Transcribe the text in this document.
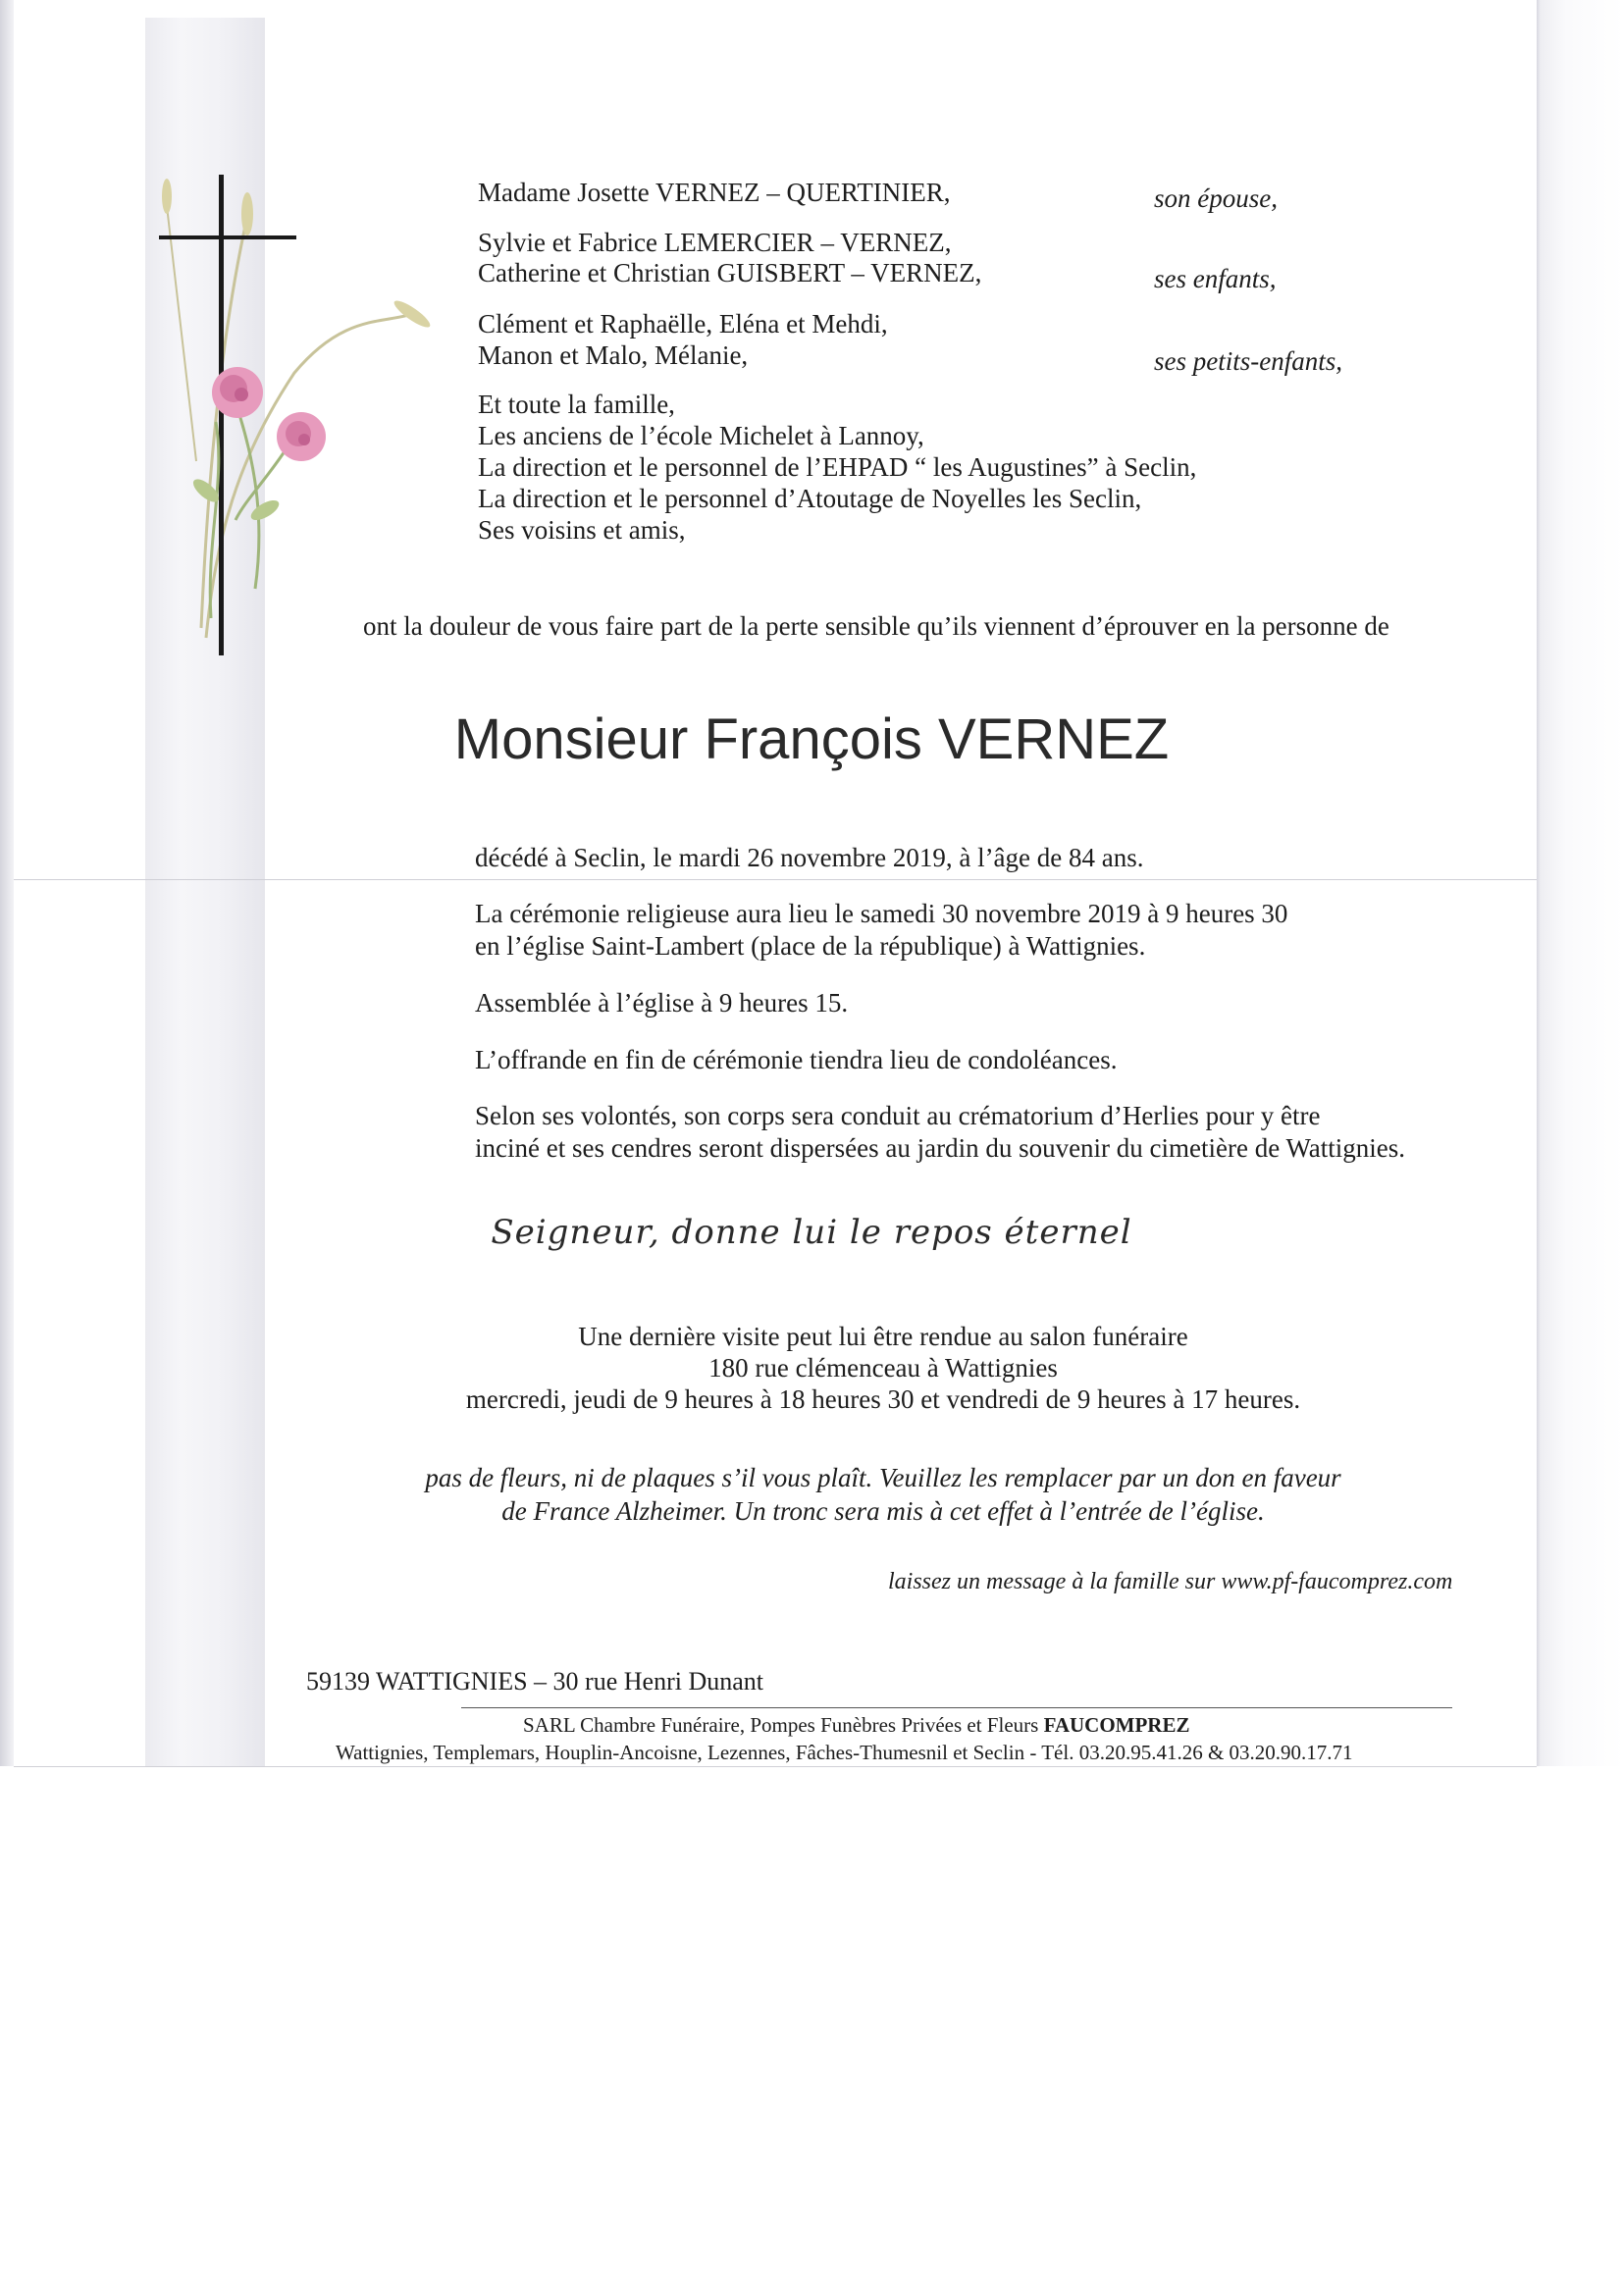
Madame Josette VERNEZ – QUERTINIER,	son épouse,
Sylvie et Fabrice LEMERCIER – VERNEZ,
Catherine et Christian GUISBERT – VERNEZ,	ses enfants,
Clément et Raphaëlle, Eléna et Mehdi,
Manon et Malo, Mélanie,	ses petits-enfants,
Et toute la famille,
Les anciens de l’école Michelet à Lannoy,
La direction et le personnel de l’EHPAD “ les Augustines” à Seclin,
La direction et le personnel d’Atoutage de Noyelles les Seclin,
Ses voisins et amis,
ont la douleur de vous faire part de la perte sensible qu’ils viennent d’éprouver en la personne de
Monsieur François VERNEZ
décédé à Seclin, le mardi 26 novembre 2019, à l’âge de 84 ans.
La cérémonie religieuse aura lieu le samedi 30 novembre 2019 à 9 heures 30
en l’église Saint-Lambert (place de la république) à Wattignies.
Assemblée à l’église à 9 heures 15.
L’offrande en fin de cérémonie tiendra lieu de condoléances.
Selon ses volontés, son corps sera conduit au crématorium d’Herlies pour y être
inciné et ses cendres seront dispersées au jardin du souvenir du cimetière de Wattignies.
Seigneur, donne lui le repos éternel
Une dernière visite peut lui être rendue au salon funéraire
180 rue clémenceau à Wattignies
mercredi, jeudi de 9 heures à 18 heures 30 et vendredi de 9 heures à 17 heures.
pas de fleurs, ni de plaques s’il vous plaît. Veuillez les remplacer par un don en faveur
de France Alzheimer. Un tronc sera mis à cet effet à l’entrée de l’église.
laissez un message à la famille sur www.pf-faucomprez.com
59139 WATTIGNIES – 30 rue Henri Dunant
SARL Chambre Funéraire, Pompes Funèbres Privées et Fleurs FAUCOMPREZ
Wattignies, Templemars, Houplin-Ancoisne, Lezennes, Fâches-Thumesnil et Seclin - Tél. 03.20.95.41.26 & 03.20.90.17.71
